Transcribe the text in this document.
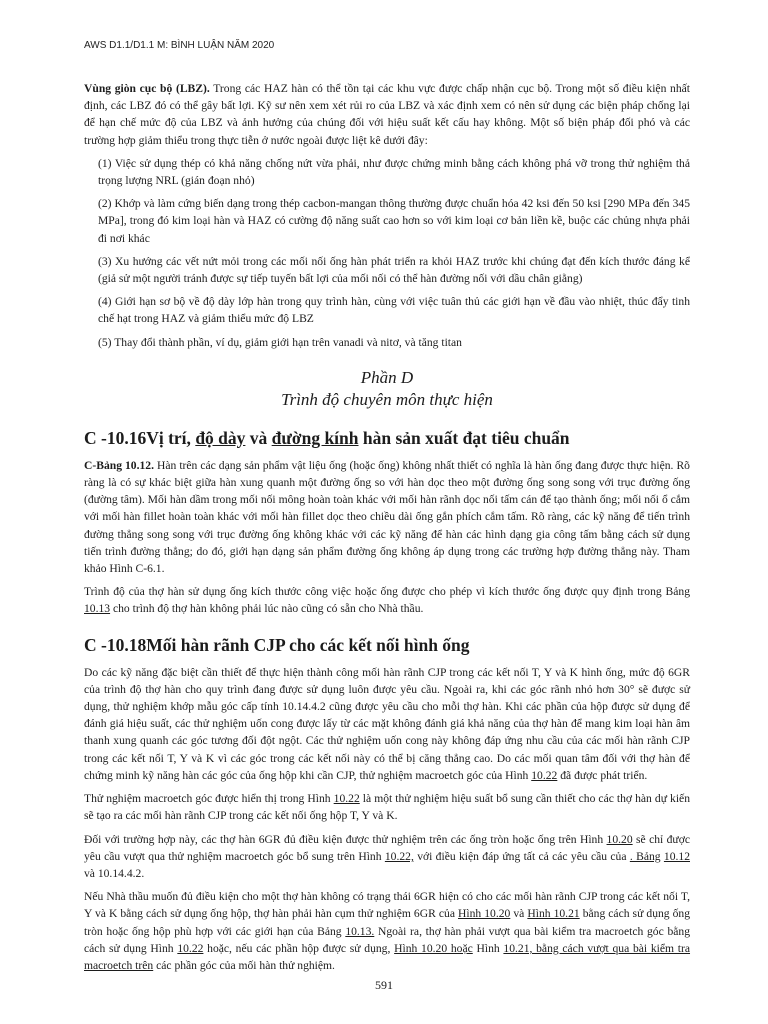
AWS D1.1/D1.1 M: BÌNH LUẬN NĂM 2020

Vùng giòn cục bộ (LBZ). Trong các HAZ hàn có thể tồn tại các khu vực được chấp nhận cục bộ. Trong một số điều kiện nhất định, các LBZ đó có thể gây bất lợi. Kỹ sư nên xem xét rủi ro của LBZ và xác định xem có nên sử dụng các biện pháp chống lại để hạn chế mức độ của LBZ và ảnh hưởng của chúng đối với hiệu suất kết cấu hay không. Một số biện pháp đối phó và các trường hợp giảm thiểu trong thực tiễn ở nước ngoài được liệt kê dưới đây:

(1) Việc sử dụng thép có khả năng chống nứt vừa phải, như được chứng minh bằng cách không phá vỡ trong thử nghiệm thả trọng lượng NRL (gián đoạn nhỏ)

(2) Khớp và làm cứng biến dạng trong thép cacbon-mangan thông thường được chuẩn hóa 42 ksi đến 50 ksi [290 MPa đến 345 MPa], trong đó kim loại hàn và HAZ có cường độ năng suất cao hơn so với kim loại cơ bản liền kề, buộc các chủng nhựa phải đi nơi khác

(3) Xu hướng các vết nứt mỏi trong các mối nối ống hàn phát triển ra khỏi HAZ trước khi chúng đạt đến kích thước đáng kể (giả sử một người tránh được sự tiếp tuyến bất lợi của mối nối có thể hàn đường nối với dầu chân giằng)

(4) Giới hạn sơ bộ về độ dày lớp hàn trong quy trình hàn, cùng với việc tuân thủ các giới hạn về đầu vào nhiệt, thúc đẩy tinh chế hạt trong HAZ và giảm thiểu mức độ LBZ

(5) Thay đổi thành phần, ví dụ, giảm giới hạn trên vanadi và nitơ, và tăng titan

Phần D
Trình độ chuyên môn thực hiện
C -10.16Vị trí, độ dày và đường kính hàn sản xuất đạt tiêu chuẩn

C-Bảng 10.12. Hàn trên các dạng sản phẩm vật liệu ống (hoặc ống) không nhất thiết có nghĩa là hàn ống đang được thực hiện. Rõ ràng là có sự khác biệt giữa hàn xung quanh một đường ống so với hàn dọc theo một đường ống song song với trục đường ống (đường tâm). Mối hàn dầm trong mối nối mông hoàn toàn khác với mối hàn rãnh dọc nối tấm cán để tạo thành ống; mối nối ổ cắm với mối hàn fillet hoàn toàn khác với mối hàn fillet dọc theo chiều dài ống gắn phích cắm tấm. Rõ ràng, các kỹ năng để tiến trình đường thẳng song song với trục đường ống không khác với các kỹ năng để hàn các hình dạng gia công tấm bằng cách sử dụng tiến trình đường thẳng; do đó, giới hạn dạng sản phẩm đường ống không áp dụng trong các trường hợp đường thẳng này. Tham khảo Hình C-6.1.

Trình độ của thợ hàn sử dụng ống kích thước công việc hoặc ống được cho phép vì kích thước ống được quy định trong Bảng 10.13 cho trình độ thợ hàn không phải lúc nào cũng có sẵn cho Nhà thầu.

C -10.18Mối hàn rãnh CJP cho các kết nối hình ống

Do các kỹ năng đặc biệt cần thiết để thực hiện thành công mối hàn rãnh CJP trong các kết nối T, Y và K hình ống, mức độ 6GR của trình độ thợ hàn cho quy trình đang được sử dụng luôn được yêu cầu. Ngoài ra, khi các góc rãnh nhỏ hơn 30° sẽ được sử dụng, thử nghiệm khớp mẫu góc cấp tính 10.14.4.2 cũng được yêu cầu cho mỗi thợ hàn. Khi các phần của hộp được sử dụng để đánh giá hiệu suất, các thử nghiệm uốn cong được lấy từ các mặt không đánh giá khả năng của thợ hàn để mang kim loại hàn âm thanh xung quanh các góc tương đối đột ngột. Các thử nghiệm uốn cong này không đáp ứng nhu cầu của các mối hàn rãnh CJP trong các kết nối T, Y và K vì các góc trong các kết nối này có thể bị căng thẳng cao. Do các mối quan tâm đối với thợ hàn để chứng minh kỹ năng hàn các góc của ống hộp khi cần CJP, thử nghiệm macroetch góc của Hình 10.22 đã được phát triển.

Thử nghiệm macroetch góc được hiển thị trong Hình 10.22 là một thử nghiệm hiệu suất bổ sung cần thiết cho các thợ hàn dự kiến sẽ tạo ra các mối hàn rãnh CJP trong các kết nối ống hộp T, Y và K.

Đối với trường hợp này, các thợ hàn 6GR đủ điều kiện được thử nghiệm trên các ống tròn hoặc ống trên Hình 10.20 sẽ chỉ được yêu cầu vượt qua thử nghiệm macroetch góc bổ sung trên Hình 10.22, với điều kiện đáp ứng tất cả các yêu cầu của . Bảng 10.12 và 10.14.4.2.

Nếu Nhà thầu muốn đủ điều kiện cho một thợ hàn không có trạng thái 6GR hiện có cho các mối hàn rãnh CJP trong các kết nối T, Y và K bằng cách sử dụng ống hộp, thợ hàn phải hàn cụm thử nghiệm 6GR của Hình 10.20 và Hình 10.21 bằng cách sử dụng ống tròn hoặc ống hộp phù hợp với các giới hạn của Bảng 10.13. Ngoài ra, thợ hàn phải vượt qua bài kiểm tra macroetch góc bằng cách sử dụng Hình 10.22 hoặc, nếu các phần hộp được sử dụng, Hình 10.20 hoặc Hình 10.21, bằng cách vượt qua bài kiểm tra macroetch trên các phần góc của mối hàn thử nghiệm.

591
